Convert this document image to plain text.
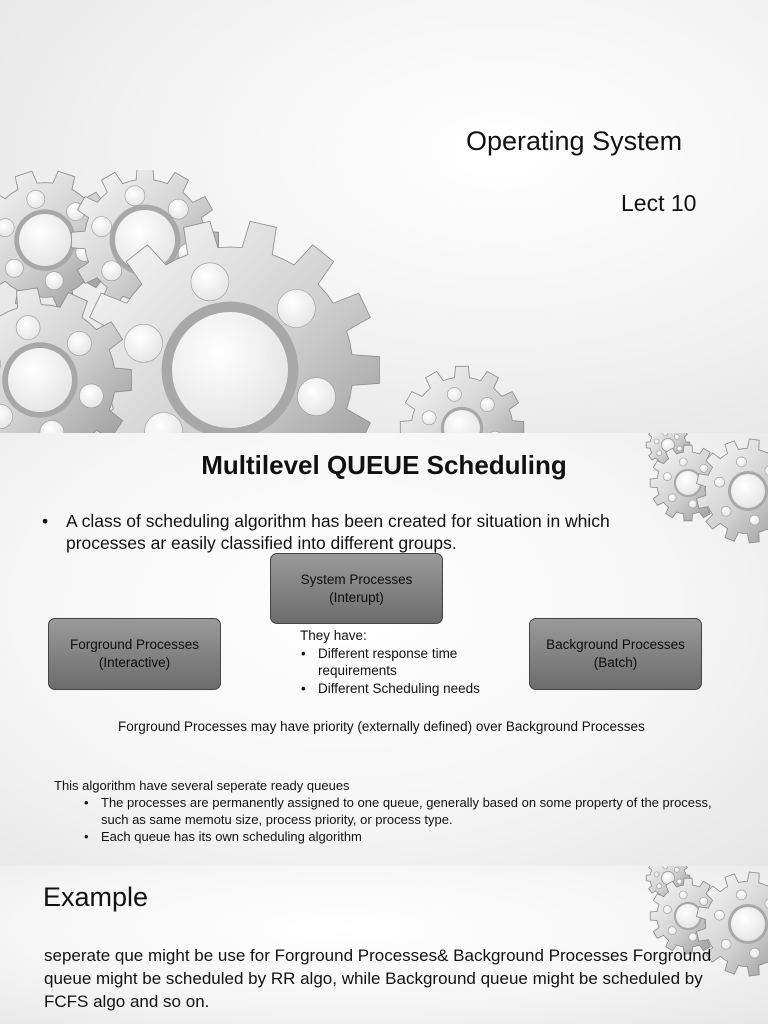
Operating System
Lect 10
Multilevel QUEUE Scheduling
• A class of scheduling algorithm has been created for situation in which processes ar easily classified into different groups.
System Processes
(Interupt)
Forground Processes
(Interactive)
Background Processes
(Batch)
They have:
• Different response time requirements
• Different Scheduling needs
Forground Processes may have priority (externally defined) over Background Processes
This algorithm have several seperate ready queues
• The processes are permanently assigned to one queue, generally based on some property of the process, such as same memotu size, process priority, or process type.
• Each queue has its own scheduling algorithm
Example
seperate que might be use for Forground Processes& Background Processes Forground queue might be scheduled by RR algo, while Background queue might be scheduled by FCFS algo and so on.
